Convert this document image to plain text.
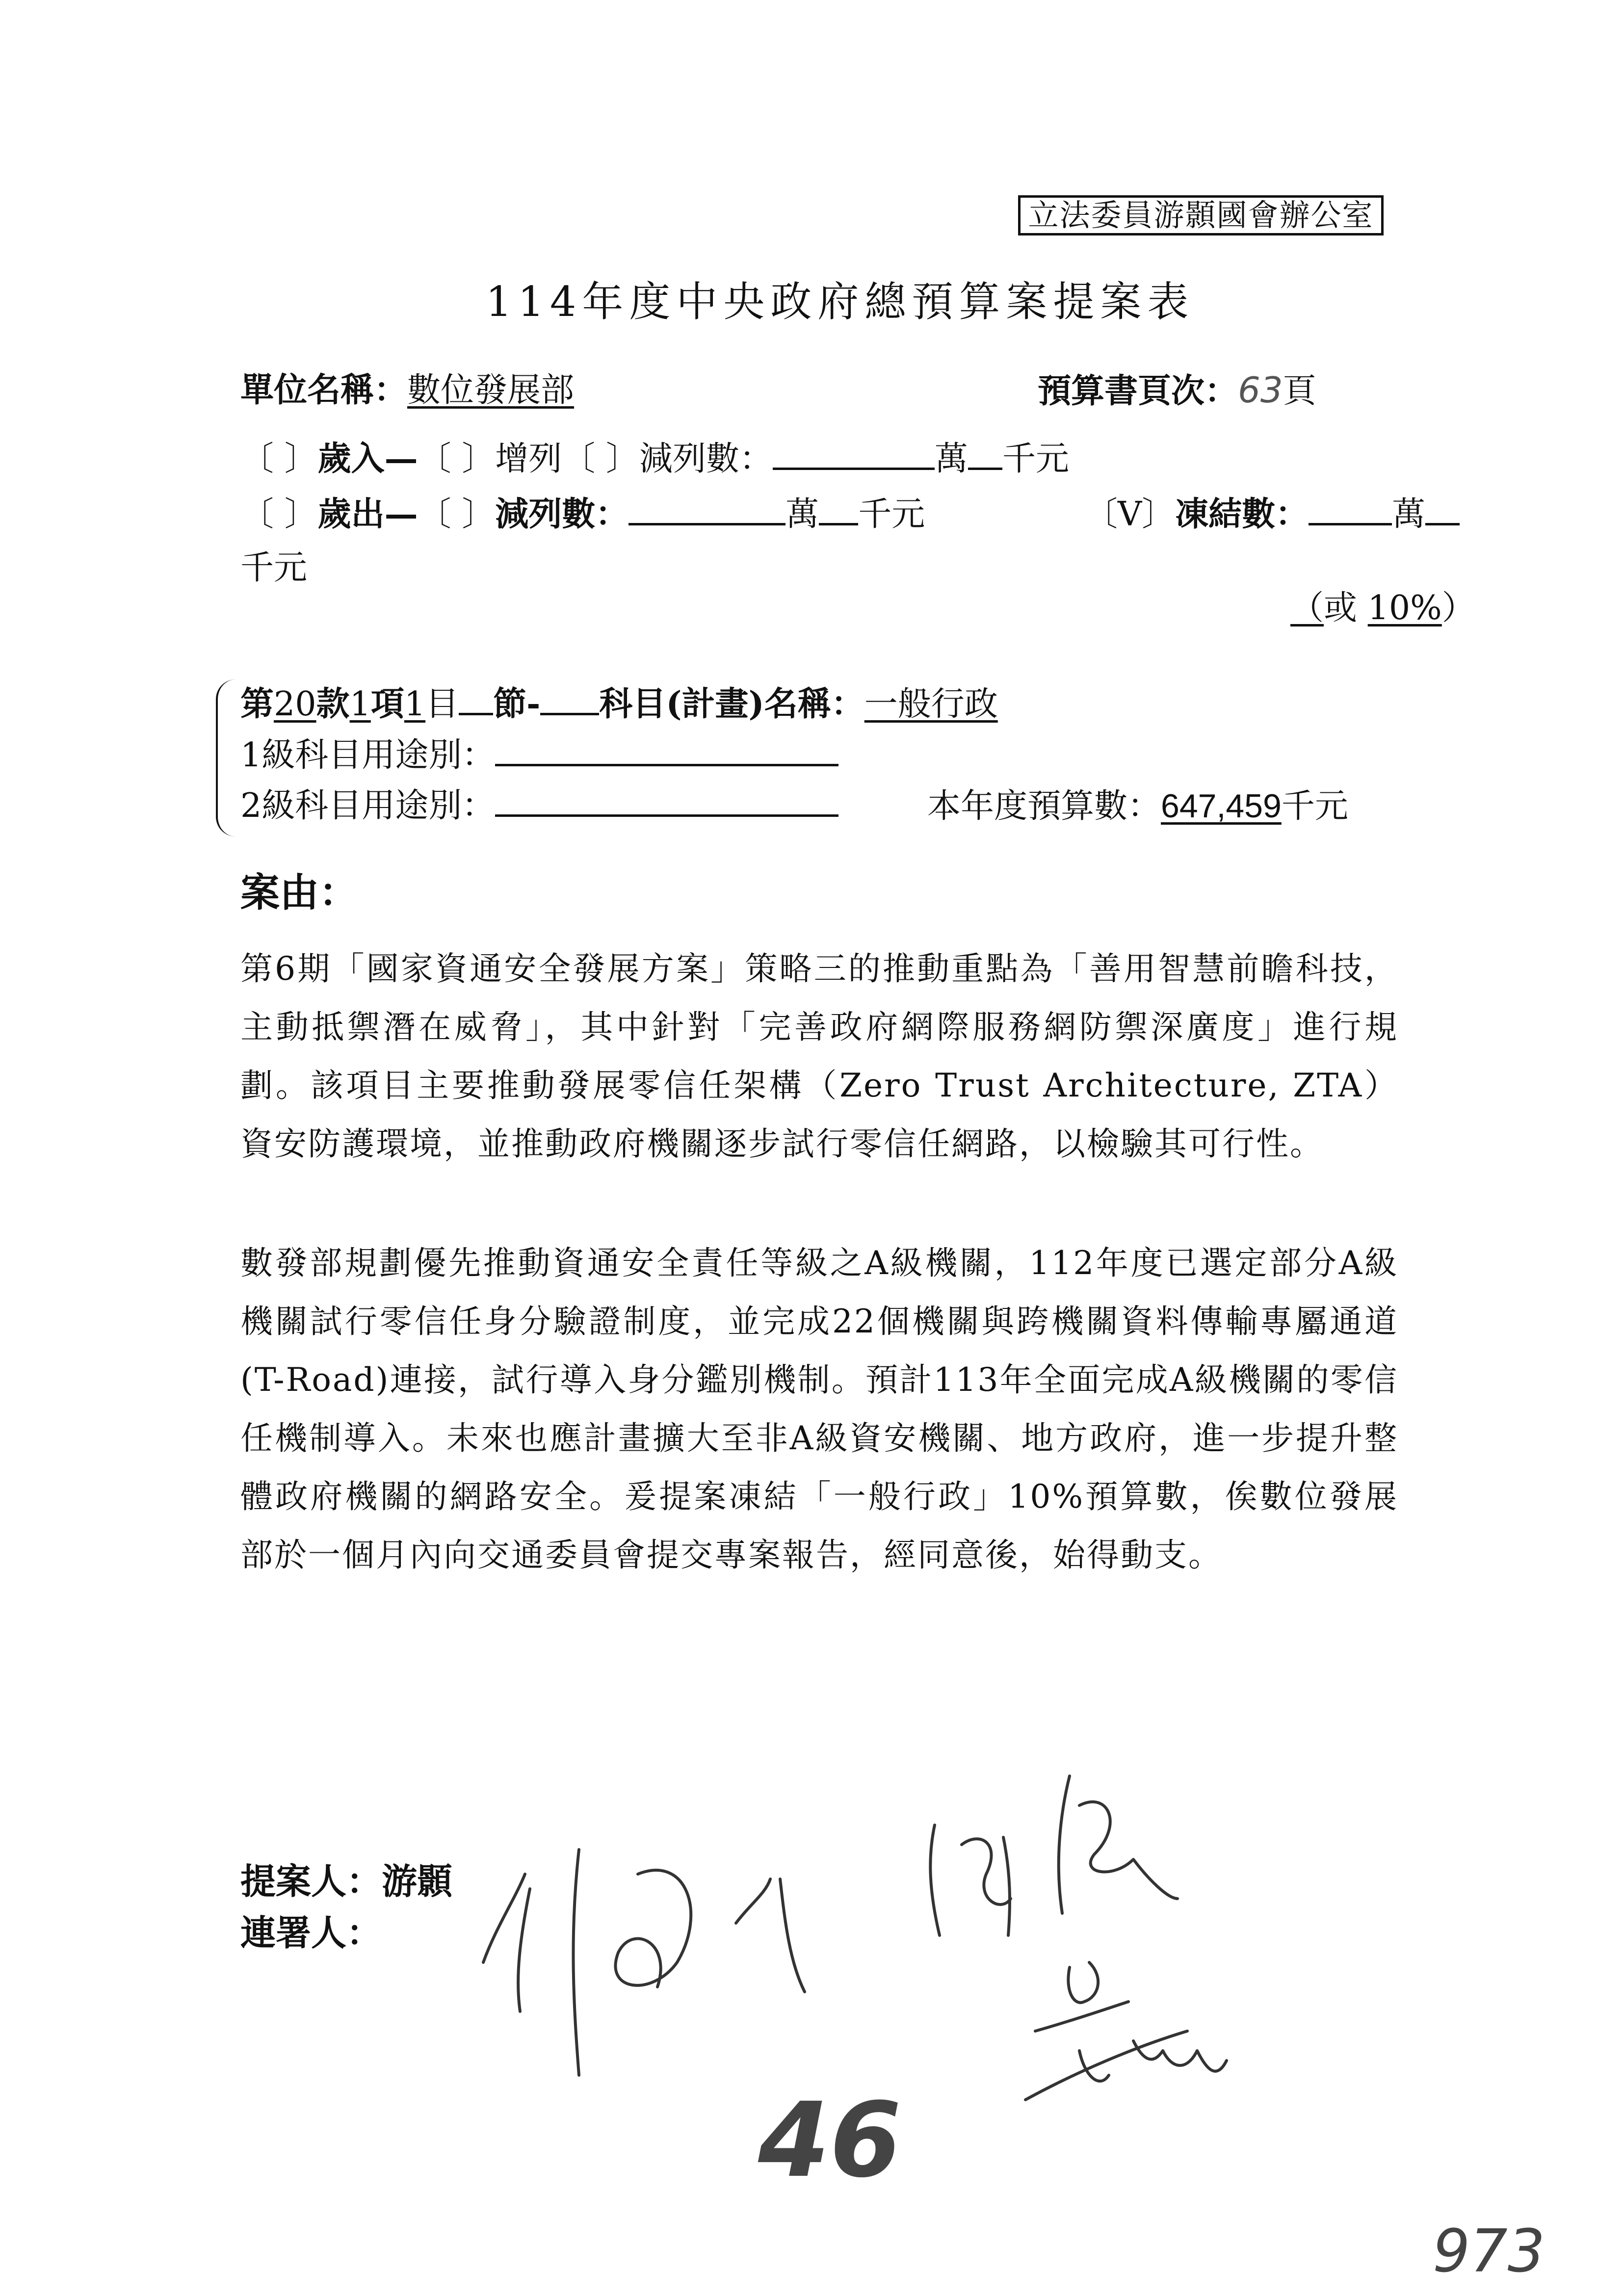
立法委員游顥國會辦公室
114年度中央政府總預算案提案表
單位名稱：數位發展部	預算書頁次：63頁
〔 〕歲入—〔 〕增列〔 〕減列數：	萬 千元
〔 〕歲出—〔 〕減列數：	萬 千元	〔V〕凍結數：	萬
千元
（或 10%）
第20款1項1目 節- 科目(計畫)名稱：一般行政
1級科目用途別：
2級科目用途別：	本年度預算數：647,459千元
案由：
第6期「國家資通安全發展方案」策略三的推動重點為「善用智慧前瞻科技，主動抵禦潛在威脅」，其中針對「完善政府網際服務網防禦深廣度」進行規劃。該項目主要推動發展零信任架構（Zero Trust Architecture, ZTA）資安防護環境，並推動政府機關逐步試行零信任網路，以檢驗其可行性。
數發部規劃優先推動資通安全責任等級之A級機關，112年度已選定部分A級機關試行零信任身分驗證制度，並完成22個機關與跨機關資料傳輸專屬通道(T-Road)連接，試行導入身分鑑別機制。預計113年全面完成A級機關的零信任機制導入。未來也應計畫擴大至非A級資安機關、地方政府，進一步提升整體政府機關的網路安全。爰提案凍結「一般行政」10%預算數，俟數位發展部於一個月內向交通委員會提交專案報告，經同意後，始得動支。
提案人：游顥
連署人：
46
973
